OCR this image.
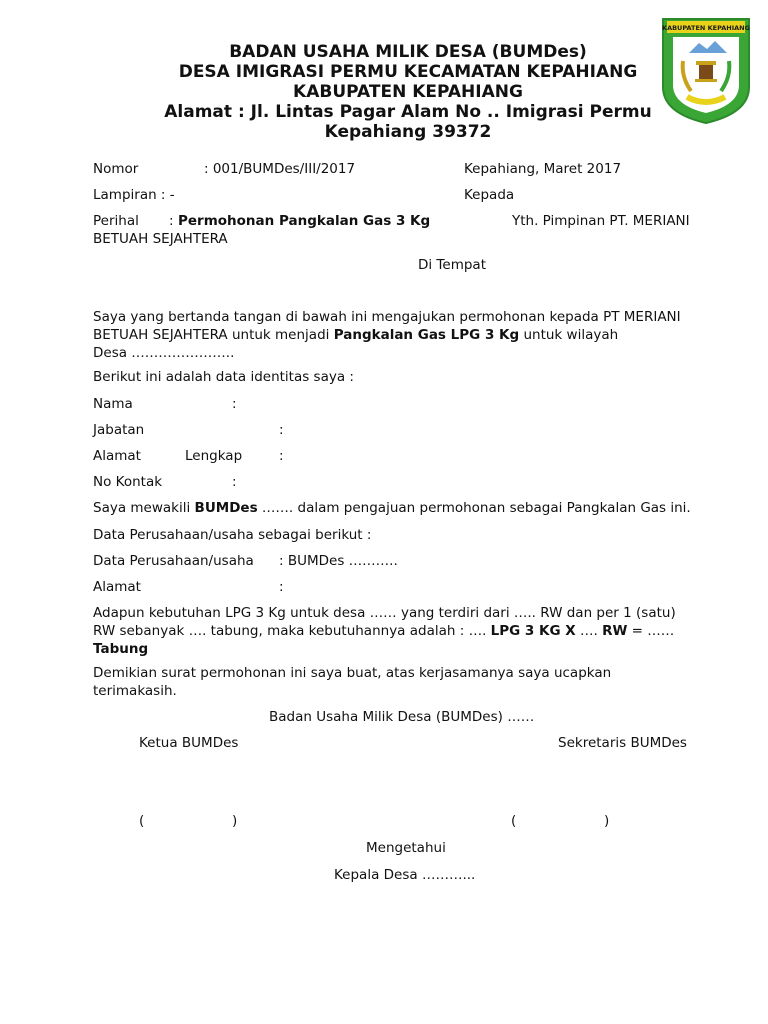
KABUPATEN KEPAHIANG
BADAN USAHA MILIK DESA (BUMDes)
DESA IMIGRASI PERMU KECAMATAN KEPAHIANG
KABUPATEN KEPAHIANG
Alamat : Jl. Lintas Pagar Alam No .. Imigrasi Permu
Kepahiang 39372
Nomor	: 001/BUMDes/III/2017	Kepahiang, Maret 2017
Lampiran : -	Kepada
Perihal : Permohonan Pangkalan Gas 3 Kg	Yth. Pimpinan PT. MERIANI
BETUAH SEJAHTERA
Di Tempat
Saya yang bertanda tangan di bawah ini mengajukan permohonan kepada PT MERIANI
BETUAH SEJAHTERA untuk menjadi Pangkalan Gas LPG 3 Kg untuk wilayah
Desa …………………..
Berikut ini adalah data identitas saya :
Nama	:
Jabatan	:
Alamat	Lengkap	:
No Kontak	:
Saya mewakili BUMDes ……. dalam pengajuan permohonan sebagai Pangkalan Gas ini.
Data Perusahaan/usaha sebagai berikut :
Data Perusahaan/usaha : BUMDes ………..
Alamat	:
Adapun kebutuhan LPG 3 Kg untuk desa …… yang terdiri dari ….. RW dan per 1 (satu)
RW sebanyak …. tabung, maka kebutuhannya adalah : …. LPG 3 KG X …. RW = ……
Tabung
Demikian surat permohonan ini saya buat, atas kerjasamanya saya ucapkan
terimakasih.
Badan Usaha Milik Desa (BUMDes) ……
Ketua BUMDes	Sekretaris BUMDes
(	)	(	)
Mengetahui
Kepala Desa ………...
